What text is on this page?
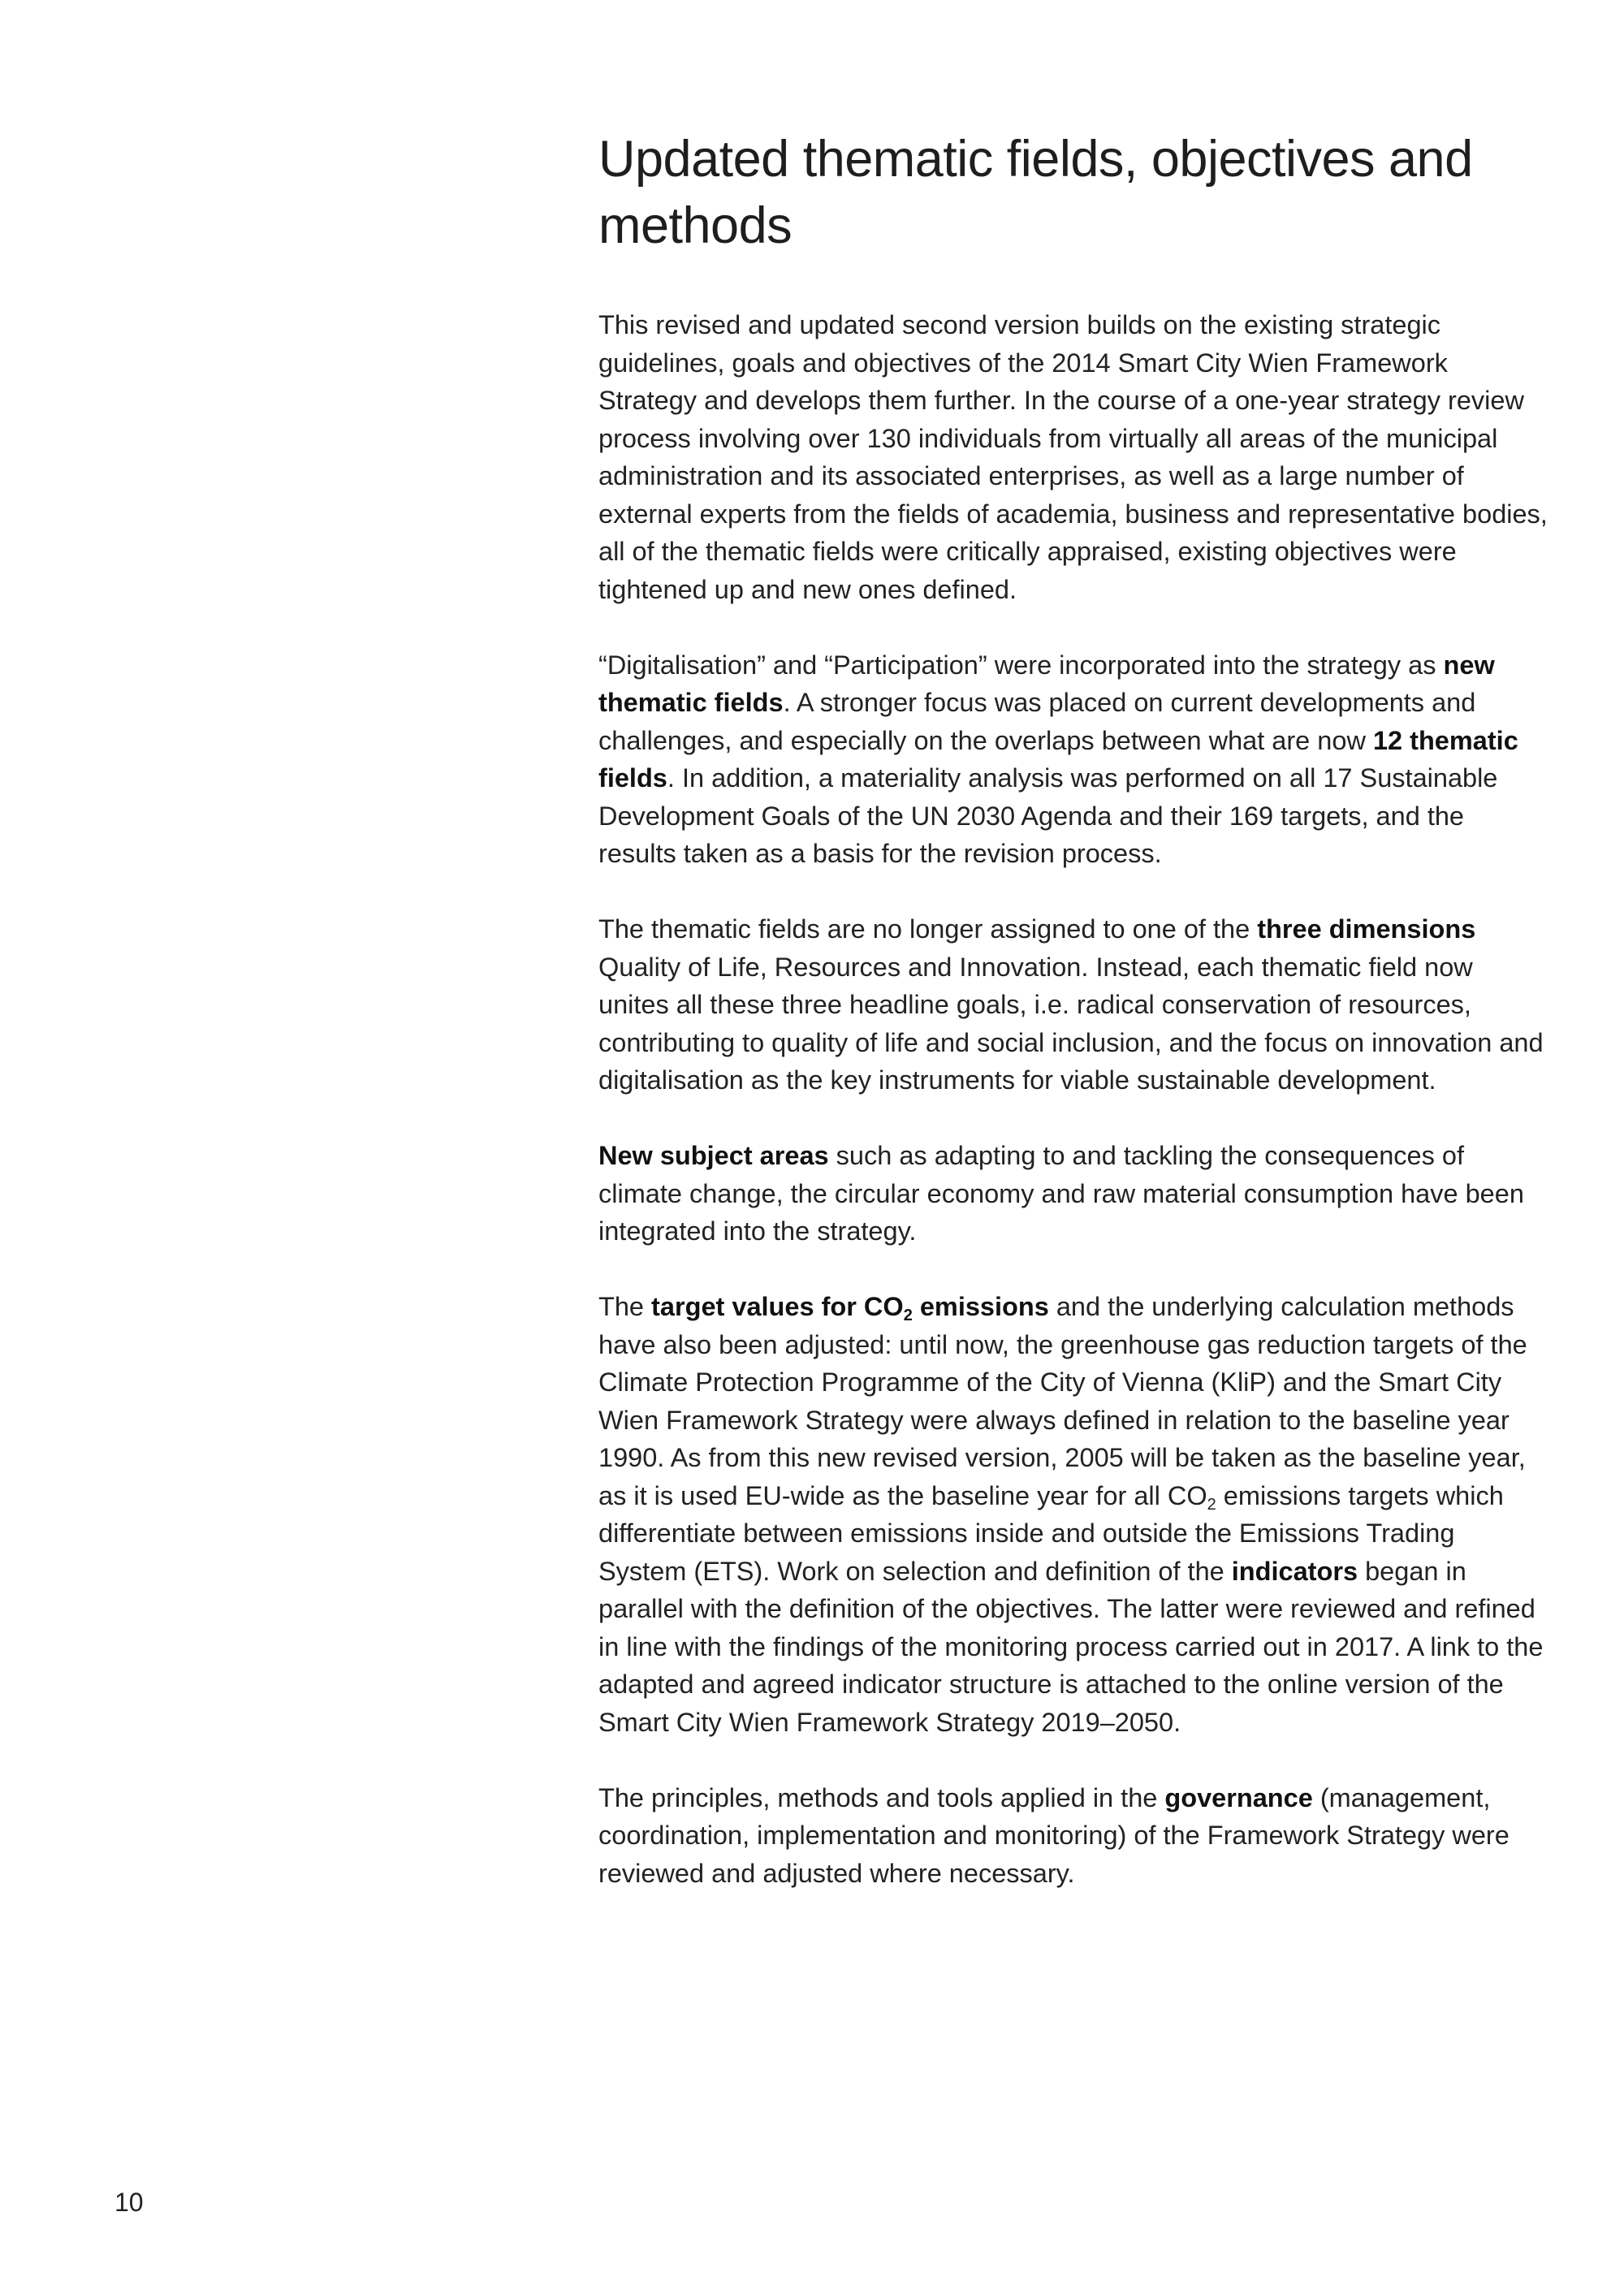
Updated thematic fields, objectives and methods

This revised and updated second version builds on the existing strategic guidelines, goals and objectives of the 2014 Smart City Wien Framework Strategy and develops them further. In the course of a one-year strategy review process involving over 130 individuals from virtually all areas of the municipal administration and its associated enterprises, as well as a large number of external experts from the fields of academia, business and representative bodies, all of the thematic fields were critically appraised, existing objectives were tightened up and new ones defined.

“Digitalisation” and “Participation” were incorporated into the strategy as new thematic fields. A stronger focus was placed on current developments and challenges, and especially on the overlaps between what are now 12 thematic fields. In addition, a materiality analysis was performed on all 17 Sustainable Development Goals of the UN 2030 Agenda and their 169 targets, and the results taken as a basis for the revision process.

The thematic fields are no longer assigned to one of the three dimensions Quality of Life, Resources and Innovation. Instead, each thematic field now unites all these three headline goals, i.e. radical conservation of resources, contributing to quality of life and social inclusion, and the focus on innovation and digitalisation as the key instruments for viable sustainable development.

New subject areas such as adapting to and tackling the consequences of climate change, the circular economy and raw material consumption have been integrated into the strategy.

The target values for $CO_2$ emissions and the underlying calculation methods have also been adjusted: until now, the greenhouse gas reduction targets of the Climate Protection Programme of the City of Vienna (KliP) and the Smart City Wien Framework Strategy were always defined in relation to the baseline year 1990. As from this new revised version, 2005 will be taken as the baseline year, as it is used EU-wide as the baseline year for all $CO_2$ emissions targets which differentiate between emissions inside and outside the Emissions Trading System (ETS). Work on selection and definition of the indicators began in parallel with the definition of the objectives. The latter were reviewed and refined in line with the findings of the monitoring process carried out in 2017. A link to the adapted and agreed indicator structure is attached to the online version of the Smart City Wien Framework Strategy 2019–2050.

The principles, methods and tools applied in the governance (management, coordination, implementation and monitoring) of the Framework Strategy were reviewed and adjusted where necessary.

10
